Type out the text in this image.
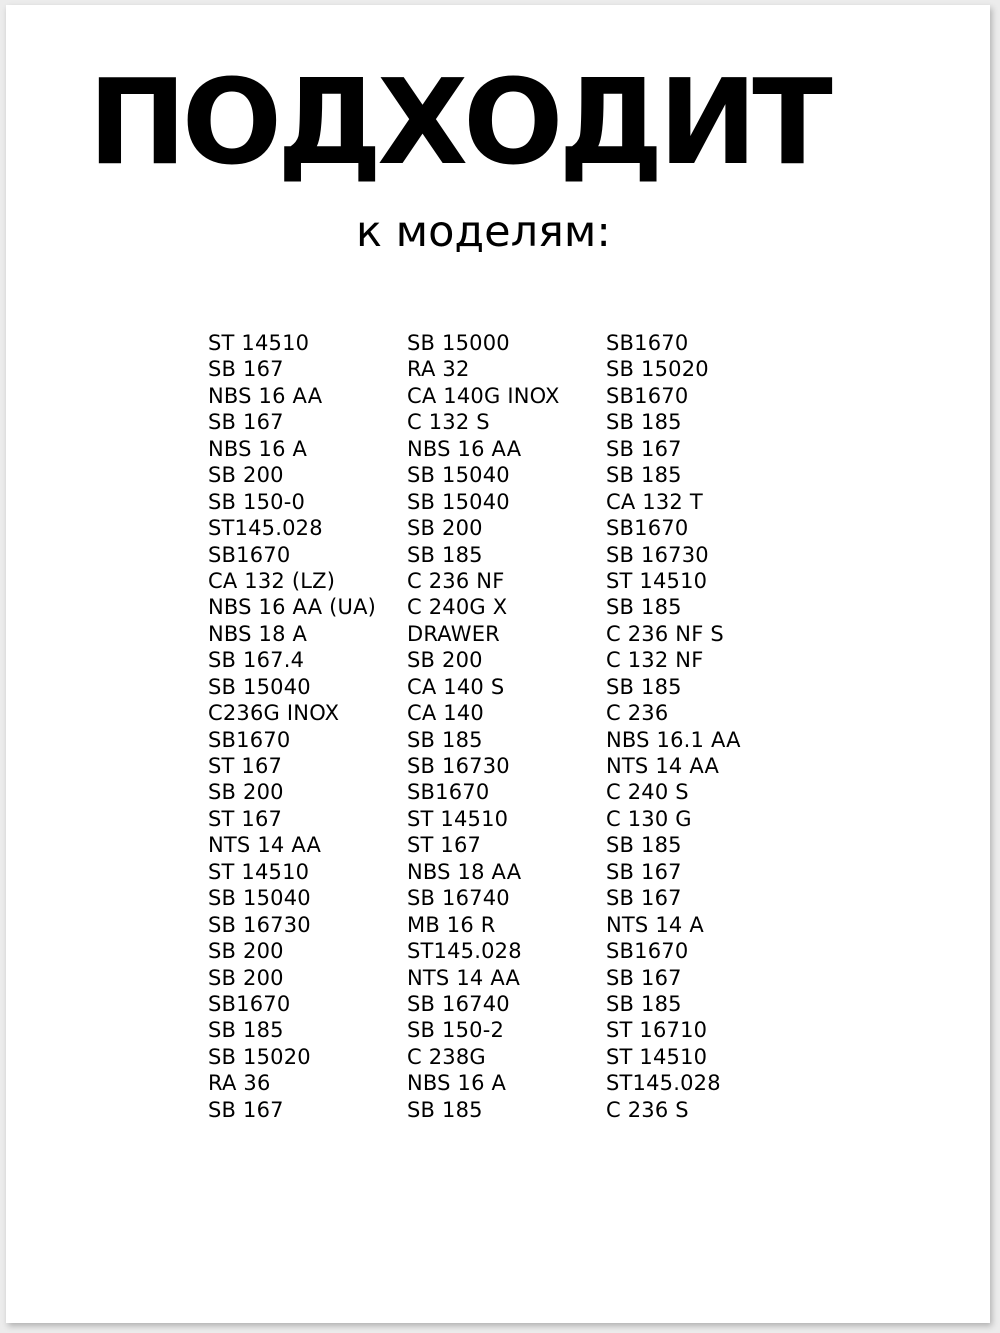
ПОДХОДИТ
к моделям:
ST 14510
SB 167
NBS 16 AA
SB 167
NBS 16 A
SB 200
SB 150-0
ST145.028
SB1670
CA 132 (LZ)
NBS 16 AA (UA)
NBS 18 A
SB 167.4
SB 15040
C236G INOX
SB1670
ST 167
SB 200
ST 167
NTS 14 AA
ST 14510
SB 15040
SB 16730
SB 200
SB 200
SB1670
SB 185
SB 15020
RA 36
SB 167
SB 15000
RA 32
CA 140G INOX
C 132 S
NBS 16 AA
SB 15040
SB 15040
SB 200
SB 185
C 236 NF
C 240G X
DRAWER
SB 200
CA 140 S
CA 140
SB 185
SB 16730
SB1670
ST 14510
ST 167
NBS 18 AA
SB 16740
MB 16 R
ST145.028
NTS 14 AA
SB 16740
SB 150-2
C 238G
NBS 16 A
SB 185
SB1670
SB 15020
SB1670
SB 185
SB 167
SB 185
CA 132 T
SB1670
SB 16730
ST 14510
SB 185
C 236 NF S
C 132 NF
SB 185
C 236
NBS 16.1 AA
NTS 14 AA
C 240 S
C 130 G
SB 185
SB 167
SB 167
NTS 14 A
SB1670
SB 167
SB 185
ST 16710
ST 14510
ST145.028
C 236 S
